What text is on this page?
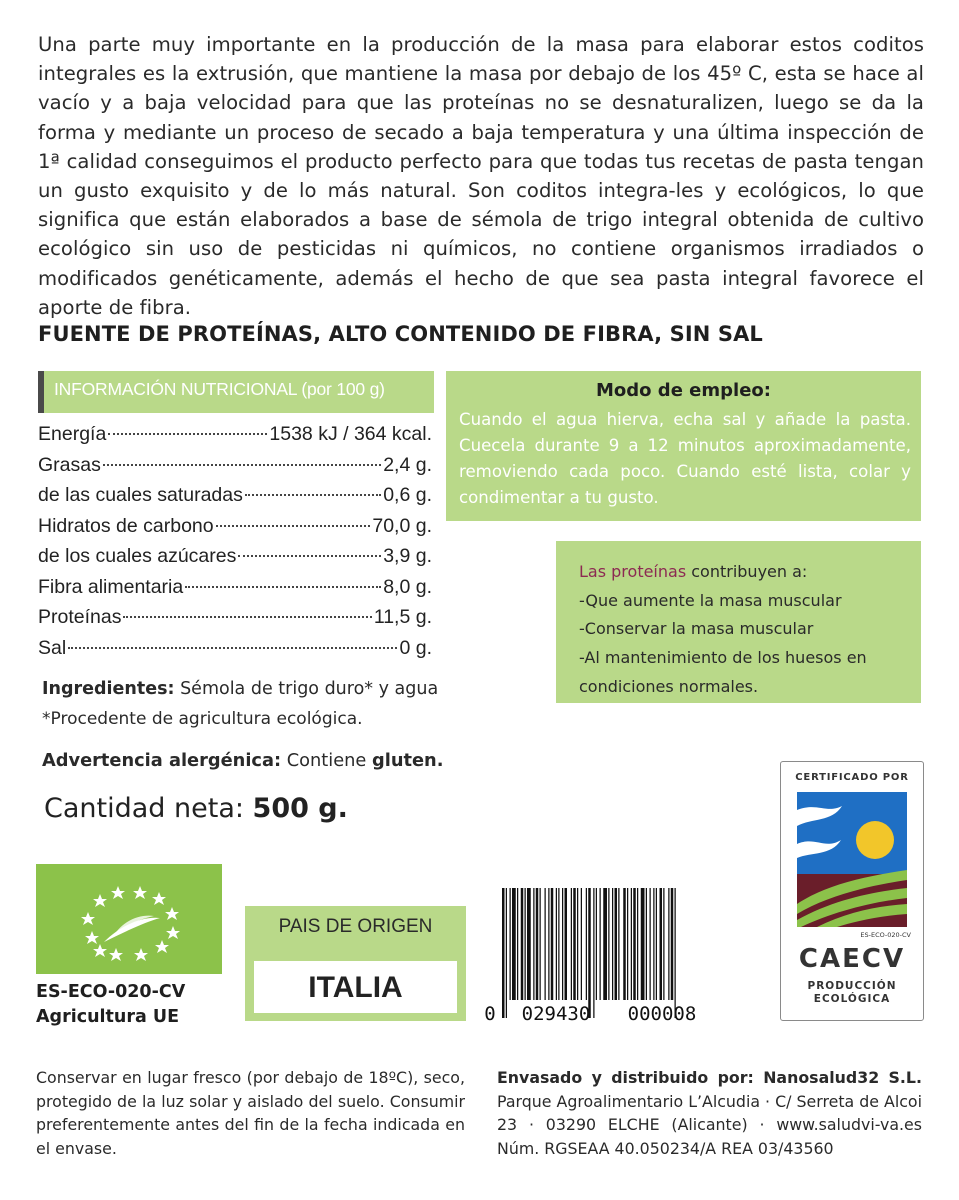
Una parte muy importante en la producción de la masa para elaborar estos coditos integrales es la extrusión, que mantiene la masa por debajo de los 45º C, esta se hace al vacío y a baja velocidad para que las proteínas no se desnaturalizen, luego se da la forma y mediante un proceso de secado a baja temperatura y una última inspección de 1ª calidad conseguimos el producto perfecto para que todas tus recetas de pasta tengan un gusto exquisito y de lo más natural. Son coditos integra-les y ecológicos, lo que significa que están elaborados a base de sémola de trigo integral obtenida de cultivo ecológico sin uso de pesticidas ni químicos, no contiene organismos irradiados o modificados genéticamente, además el hecho de que sea pasta integral favorece el aporte de fibra.
FUENTE DE PROTEÍNAS, ALTO CONTENIDO DE FIBRA, SIN SAL
INFORMACIÓN NUTRICIONAL (por 100 g)
Energía	1538 kJ / 364 kcal.
Grasas	2,4 g.
de las cuales saturadas	0,6 g.
Hidratos de carbono	70,0 g.
de los cuales azúcares	3,9 g.
Fibra alimentaria	8,0 g.
Proteínas	11,5 g.
Sal	0 g.
Modo de empleo:
Cuando el agua hierva, echa sal y añade la pasta. Cuecela durante 9 a 12 minutos aproximadamente, removiendo cada poco. Cuando esté lista, colar y condimentar a tu gusto.
Las proteínas contribuyen a:
-Que aumente la masa muscular
-Conservar la masa muscular
-Al mantenimiento de los huesos en condiciones normales.
Ingredientes: Sémola de trigo duro* y agua
*Procedente de agricultura ecológica.
Advertencia alergénica: Contiene gluten.
Cantidad neta: 500 g.
ES-ECO-020-CV
Agricultura UE
PAIS DE ORIGEN
ITALIA
0 029430 000008
CERTIFICADO POR
ES-ECO-020-CV
CAECV
PRODUCCIÓN
ECOLÓGICA
Conservar en lugar fresco (por debajo de 18ºC), seco, protegido de la luz solar y aislado del suelo. Consumir preferentemente antes del fin de la fecha indicada en el envase.
Envasado y distribuido por: Nanosalud32 S.L. Parque Agroalimentario L’Alcudia · C/ Serreta de Alcoi 23 · 03290 ELCHE (Alicante) · www.saludvi-va.es Núm. RGSEAA 40.050234/A REA 03/43560
